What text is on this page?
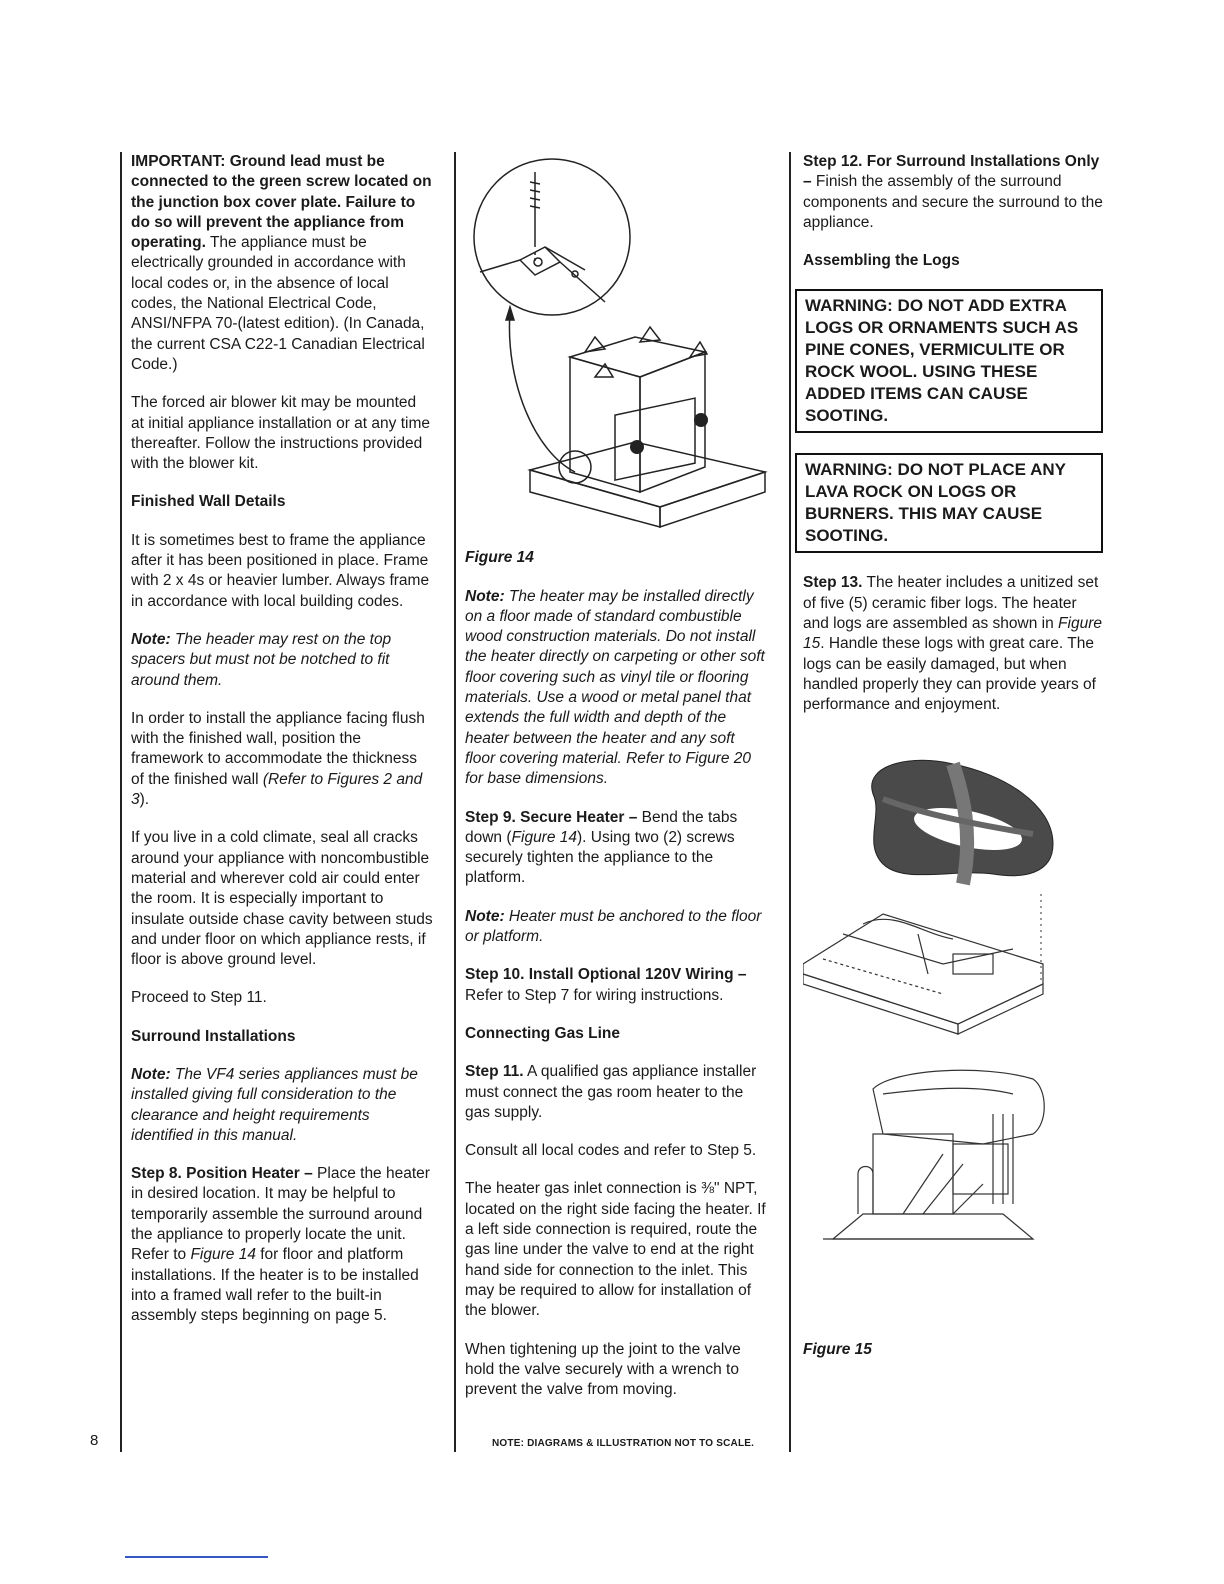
IMPORTANT: Ground lead must be connected to the green screw located on the junction box cover plate. Failure to do so will prevent the appliance from operating. The appliance must be electrically grounded in accordance with local codes or, in the absence of local codes, the National Electrical Code, ANSI/NFPA 70-(latest edition). (In Canada, the current CSA C22-1 Canadian Electrical Code.)

The forced air blower kit may be mounted at initial appliance installation or at any time thereafter. Follow the instructions provided with the blower kit.

Finished Wall Details

It is sometimes best to frame the appliance after it has been positioned in place. Frame with 2 x 4s or heavier lumber. Always frame in accordance with local building codes.

Note: The header may rest on the top spacers but must not be notched to fit around them.

In order to install the appliance facing flush with the finished wall, position the framework to accommodate the thickness of the finished wall (Refer to Figures 2 and 3).

If you live in a cold climate, seal all cracks around your appliance with noncombustible material and wherever cold air could enter the room. It is especially important to insulate outside chase cavity between studs and under floor on which appliance rests, if floor is above ground level.

Proceed to Step 11.

Surround Installations

Note: The VF4 series appliances must be installed giving full consideration to the clearance and height requirements identified in this manual.

Step 8. Position Heater – Place the heater in desired location. It may be helpful to temporarily assemble the surround around the appliance to properly locate the unit. Refer to Figure 14 for floor and platform installations. If the heater is to be installed into a framed wall refer to the built-in assembly steps beginning on page 5.

Figure 14

Note: The heater may be installed directly on a floor made of standard combustible wood construction materials. Do not install the heater directly on carpeting or other soft floor covering such as vinyl tile or flooring materials. Use a wood or metal panel that extends the full width and depth of the heater between the heater and any soft floor covering material. Refer to Figure 20 for base dimensions.

Step 9. Secure Heater – Bend the tabs down (Figure 14). Using two (2) screws securely tighten the appliance to the platform.

Note: Heater must be anchored to the floor or platform.

Step 10. Install Optional 120V Wiring – Refer to Step 7 for wiring instructions.

Connecting Gas Line

Step 11. A qualified gas appliance installer must connect the gas room heater to the gas supply.

Consult all local codes and refer to Step 5.

The heater gas inlet connection is ⅜" NPT, located on the right side facing the heater. If a left side connection is required, route the gas line under the valve to end at the right hand side for connection to the inlet. This may be required to allow for installation of the blower.

When tightening up the joint to the valve hold the valve securely with a wrench to prevent the valve from moving.

Step 12. For Surround Installations Only – Finish the assembly of the surround components and secure the surround to the appliance.

Assembling the Logs

WARNING: DO NOT ADD EXTRA LOGS OR ORNAMENTS SUCH AS PINE CONES, VERMICULITE OR ROCK WOOL. USING THESE ADDED ITEMS CAN CAUSE SOOTING.
WARNING: DO NOT PLACE ANY LAVA ROCK ON LOGS OR BURNERS. THIS MAY CAUSE SOOTING.

Step 13. The heater includes a unitized set of five (5) ceramic fiber logs. The heater and logs are assembled as shown in Figure 15. Handle these logs with great care. The logs can be easily damaged, but when handled properly they can provide years of performance and enjoyment.

Figure 15

8	NOTE: DIAGRAMS & ILLUSTRATION NOT TO SCALE.
